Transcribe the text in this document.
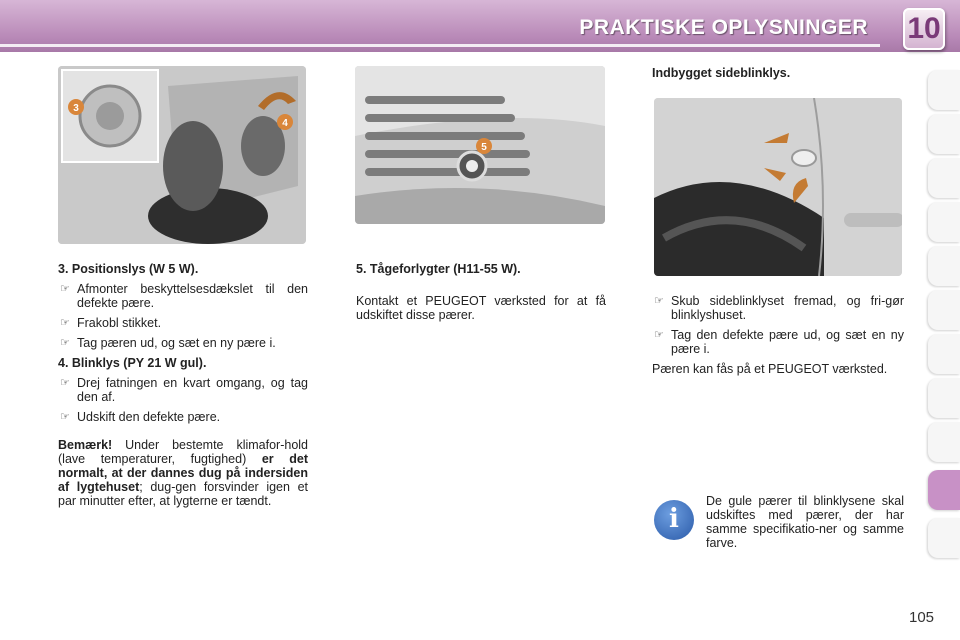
PRAKTISKE OPLYSNINGER 10
3
4
5

3. Positionslys (W 5 W).

☞ Afmonter beskyttelsesdækslet til den defekte pære.
☞ Frakobl stikket.
☞ Tag pæren ud, og sæt en ny pære i.

4. Blinklys (PY 21 W gul).

☞ Drej fatningen en kvart omgang, og tag den af.
☞ Udskift den defekte pære.

Bemærk! Under bestemte klimafor-hold (lave temperaturer, fugtighed) er det normalt, at der dannes dug på indersiden af lygtehuset; dug-gen forsvinder igen et par minutter efter, at lygterne er tændt.

5. Tågeforlygter (H11-55 W).

Kontakt et PEUGEOT værksted for at få udskiftet disse pærer.

Indbygget sideblinklys.

☞ Skub sideblinklyset fremad, og fri-gør blinklyshuset.
☞ Tag den defekte pære ud, og sæt en ny pære i.

Pæren kan fås på et PEUGEOT værksted.

i

De gule pærer til blinklysene skal udskiftes med pærer, der har samme specifikatio-ner og samme farve.

105
